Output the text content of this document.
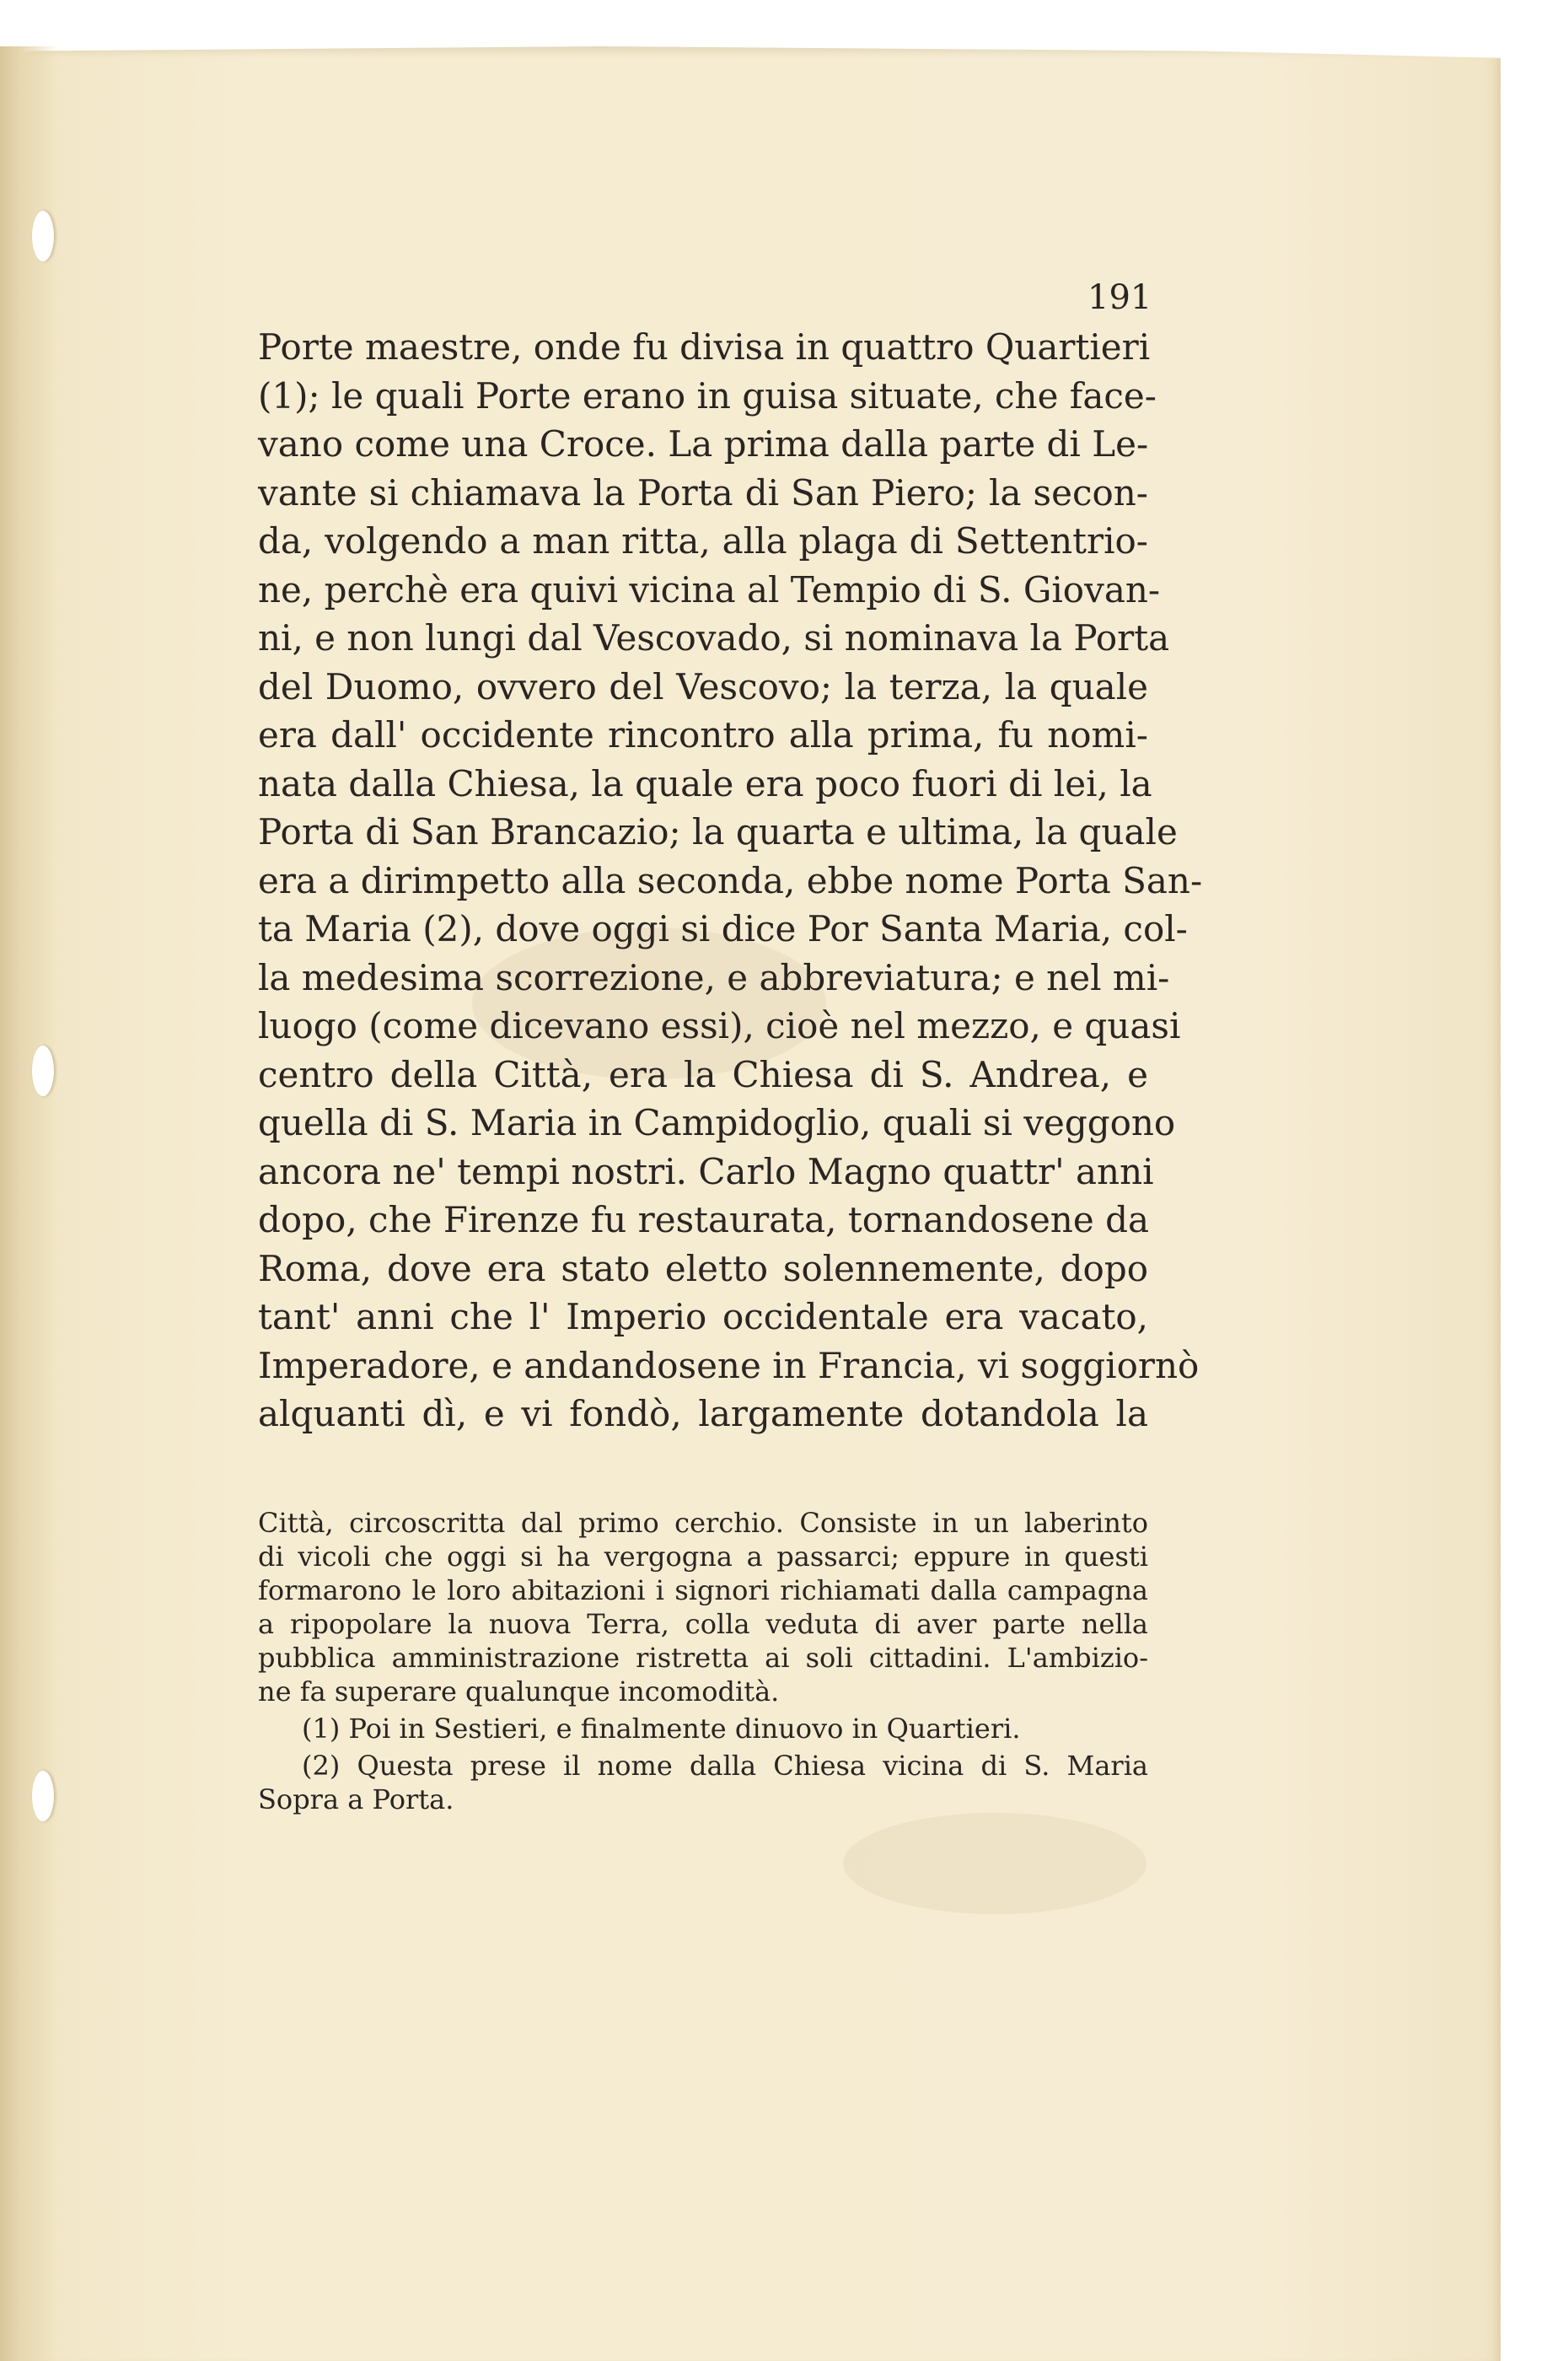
191
Porte maestre, onde fu divisa in quattro Quartieri
(1); le quali Porte erano in guisa situate, che face-
vano come una Croce. La prima dalla parte di Le-
vante si chiamava la Porta di San Piero; la secon-
da, volgendo a man ritta, alla plaga di Settentrio-
ne, perchè era quivi vicina al Tempio di S. Giovan-
ni, e non lungi dal Vescovado, si nominava la Porta
del Duomo, ovvero del Vescovo; la terza, la quale
era dall' occidente rincontro alla prima, fu nomi-
nata dalla Chiesa, la quale era poco fuori di lei, la
Porta di San Brancazio; la quarta e ultima, la quale
era a dirimpetto alla seconda, ebbe nome Porta San-
ta Maria (2), dove oggi si dice Por Santa Maria, col-
la medesima scorrezione, e abbreviatura; e nel mi-
luogo (come dicevano essi), cioè nel mezzo, e quasi
centro della Città, era la Chiesa di S. Andrea, e
quella di S. Maria in Campidoglio, quali si veggono
ancora ne' tempi nostri. Carlo Magno quattr' anni
dopo, che Firenze fu restaurata, tornandosene da
Roma, dove era stato eletto solennemente, dopo
tant' anni che l' Imperio occidentale era vacato,
Imperadore, e andandosene in Francia, vi soggiornò
alquanti dì, e vi fondò, largamente dotandola la
Città, circoscritta dal primo cerchio. Consiste in un laberinto
di vicoli che oggi si ha vergogna a passarci; eppure in questi
formarono le loro abitazioni i signori richiamati dalla campagna
a ripopolare la nuova Terra, colla veduta di aver parte nella
pubblica amministrazione ristretta ai soli cittadini. L'ambizio-
ne fa superare qualunque incomodità.
(1) Poi in Sestieri, e finalmente dinuovo in Quartieri.
(2) Questa prese il nome dalla Chiesa vicina di S. Maria
Sopra a Porta.
